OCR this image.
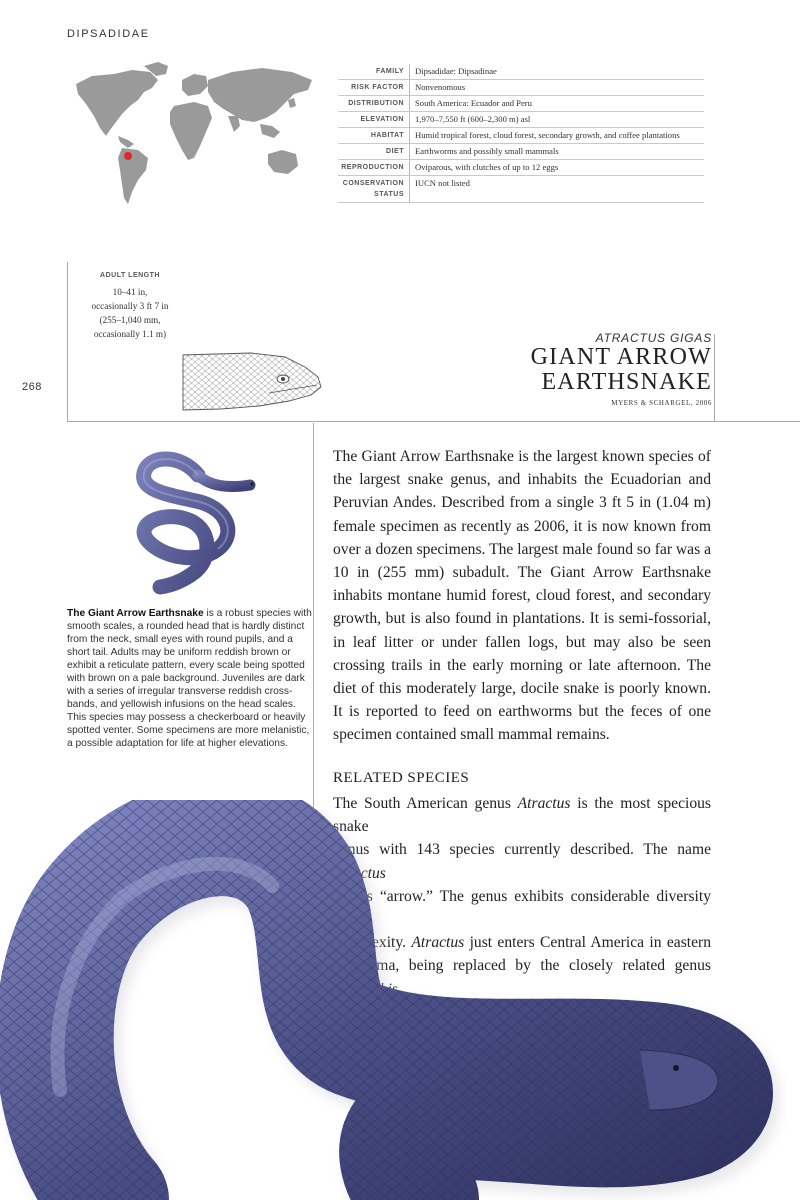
DIPSADIDAE
FAMILY	Dipsadidae: Dipsadinae
RISK FACTOR	Nonvenomous
DISTRIBUTION	South America: Ecuador and Peru
ELEVATION	1,970–7,550 ft (600–2,300 m) asl
HABITAT	Humid tropical forest, cloud forest, secondary growth, and coffee plantations
DIET	Earthworms and possibly small mammals
REPRODUCTION	Oviparous, with clutches of up to 12 eggs
CONSERVATION STATUS	IUCN not listed
ADULT LENGTH
10–41 in,
occasionally 3 ft 7 in
(255–1,040 mm,
occasionally 1.1 m)
268
ATRACTUS GIGAS
GIANT ARROW
EARTHSNAKE
MYERS & SCHARGEL, 2006
The Giant Arrow Earthsnake is a robust species with smooth scales, a rounded head that is hardly distinct from the neck, small eyes with round pupils, and a short tail. Adults may be uniform reddish brown or exhibit a reticulate pattern, every scale being spotted with brown on a pale background. Juveniles are dark with a series of irregular transverse reddish cross-bands, and yellowish infusions on the head scales. This species may possess a checkerboard or heavily spotted venter. Some specimens are more melanistic, a possible adaptation for life at higher elevations.
Actual size
The Giant Arrow Earthsnake is the largest known species of the largest snake genus, and inhabits the Ecuadorian and Peruvian Andes. Described from a single 3 ft 5 in (1.04 m) female specimen as recently as 2006, it is now known from over a dozen specimens. The largest male found so far was a 10 in (255 mm) subadult. The Giant Arrow Earthsnake inhabits montane humid forest, cloud forest, and secondary growth, but is also found in plantations. It is semi-fossorial, in leaf litter or under fallen logs, but may also be seen crossing trails in the early morning or late afternoon. The diet of this moderately large, docile snake is poorly known. It is reported to feed on earthworms but the feces of one specimen contained small mammal remains.
RELATED SPECIES
The South American genus Atractus is the most specious snake
genus with 143 species currently described. The name Atractus
means “arrow.” The genus exhibits considerable diversity and
complexity. Atractus just enters Central America in eastern
Panama, being replaced by the closely related genus Geophis
(pages 277–278) in Central America.
